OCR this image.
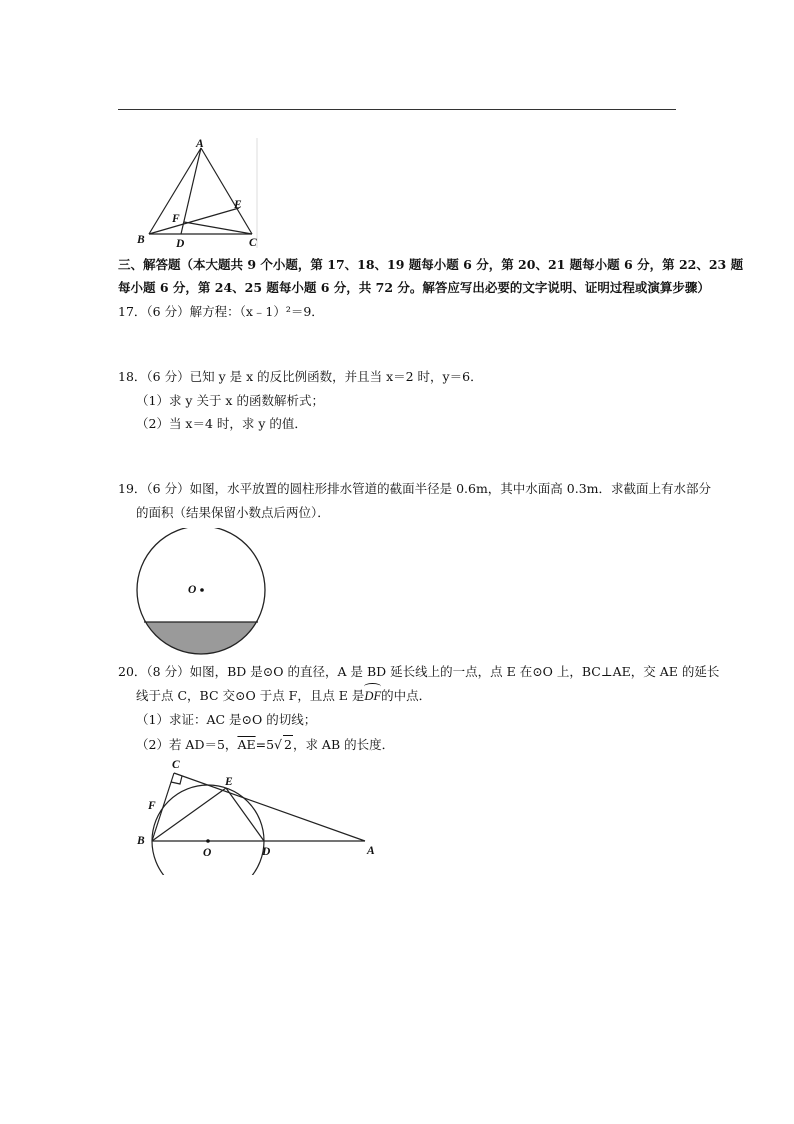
A
B	C
D
E
F
三、解答题（本大题共 9 个小题，第 17、18、19 题每小题 6 分，第 20、21 题每小题 6 分，第 22、23 题
每小题 6 分，第 24、25 题每小题 6 分，共 72 分。解答应写出必要的文字说明、证明过程或演算步骤）
17．（6 分）解方程：（x﹣1）²＝9．
18．（6 分）已知 y 是 x 的反比例函数，并且当 x＝2 时，y＝6．
（1）求 y 关于 x 的函数解析式；
（2）当 x＝4 时，求 y 的值．
19．（6 分）如图，水平放置的圆柱形排水管道的截面半径是 0.6m，其中水面高 0.3m．求截面上有水部分
的面积（结果保留小数点后两位）．
O
20．（8 分）如图，BD 是⊙O 的直径，A 是 BD 延长线上的一点，点 E 在⊙O 上，BC⊥AE，交 AE 的延长
线于点 C，BC 交⊙O 于点 F，且点 E 是DF的中点．
（1）求证：AC 是⊙O 的切线；
（2）若 AD＝5，$\overline{AE}=5√$ 2，求 AB 的长度．
C
E
F
B
O	D	A
